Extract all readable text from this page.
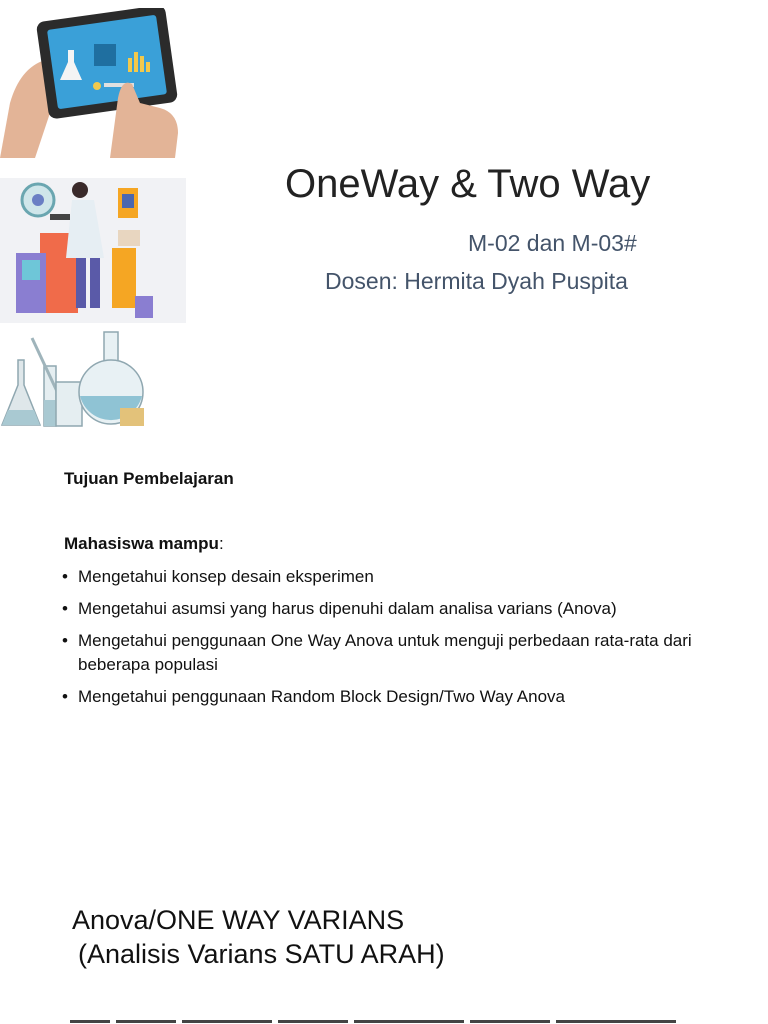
OneWay & Two Way
M-02 dan M-03#
Dosen: Hermita Dyah Puspita
Tujuan Pembelajaran
Mahasiswa mampu:
• Mengetahui konsep desain eksperimen
• Mengetahui asumsi yang harus dipenuhi dalam analisa varians (Anova)
• Mengetahui penggunaan One Way Anova untuk menguji perbedaan rata-rata dari beberapa populasi
• Mengetahui penggunaan Random Block Design/Two Way Anova
Anova/ONE WAY VARIANS
(Analisis Varians SATU ARAH)
